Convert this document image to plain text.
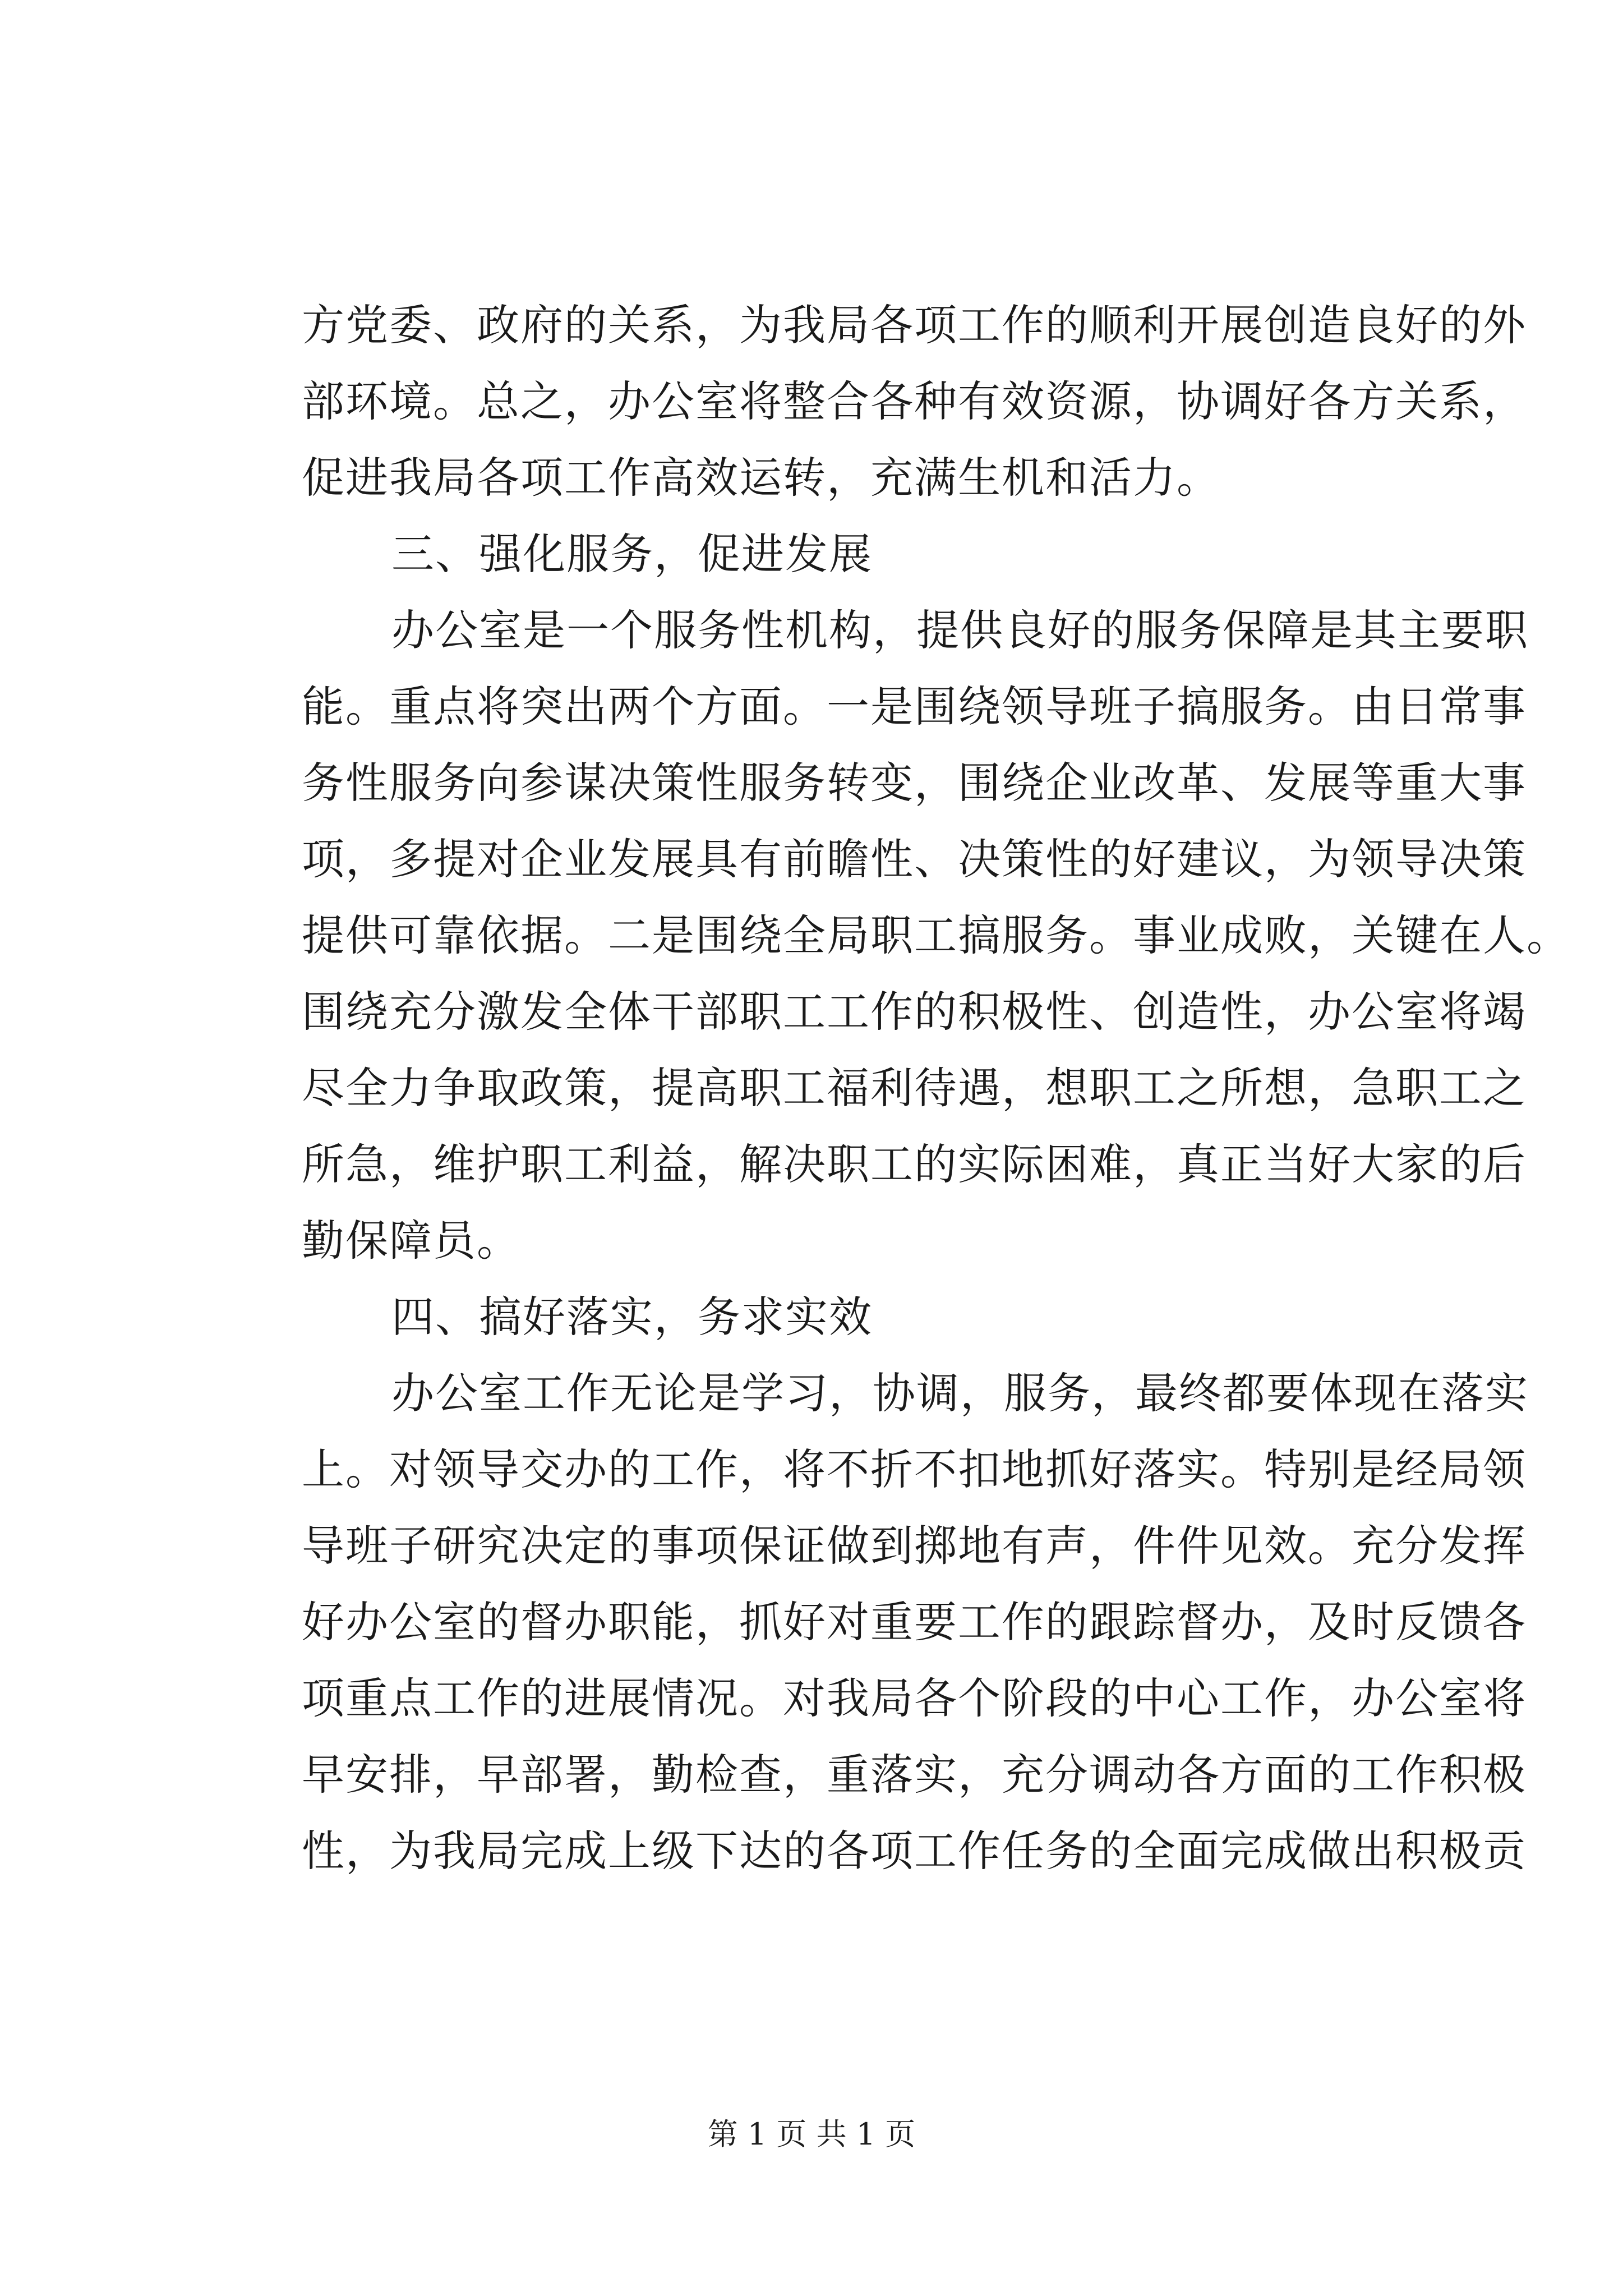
方党委、政府的关系，为我局各项工作的顺利开展创造良好的外
部环境。总之，办公室将整合各种有效资源，协调好各方关系，
促进我局各项工作高效运转，充满生机和活力。
三、强化服务，促进发展
办公室是一个服务性机构，提供良好的服务保障是其主要职
能。重点将突出两个方面。一是围绕领导班子搞服务。由日常事
务性服务向参谋决策性服务转变，围绕企业改革、发展等重大事
项，多提对企业发展具有前瞻性、决策性的好建议，为领导决策
提供可靠依据。二是围绕全局职工搞服务。事业成败，关键在人。
围绕充分激发全体干部职工工作的积极性、创造性，办公室将竭
尽全力争取政策，提高职工福利待遇，想职工之所想，急职工之
所急，维护职工利益，解决职工的实际困难，真正当好大家的后
勤保障员。
四、搞好落实，务求实效
办公室工作无论是学习，协调，服务，最终都要体现在落实
上。对领导交办的工作，将不折不扣地抓好落实。特别是经局领
导班子研究决定的事项保证做到掷地有声，件件见效。充分发挥
好办公室的督办职能，抓好对重要工作的跟踪督办，及时反馈各
项重点工作的进展情况。对我局各个阶段的中心工作，办公室将
早安排，早部署，勤检查，重落实，充分调动各方面的工作积极
性，为我局完成上级下达的各项工作任务的全面完成做出积极贡
第 1 页 共 1 页
